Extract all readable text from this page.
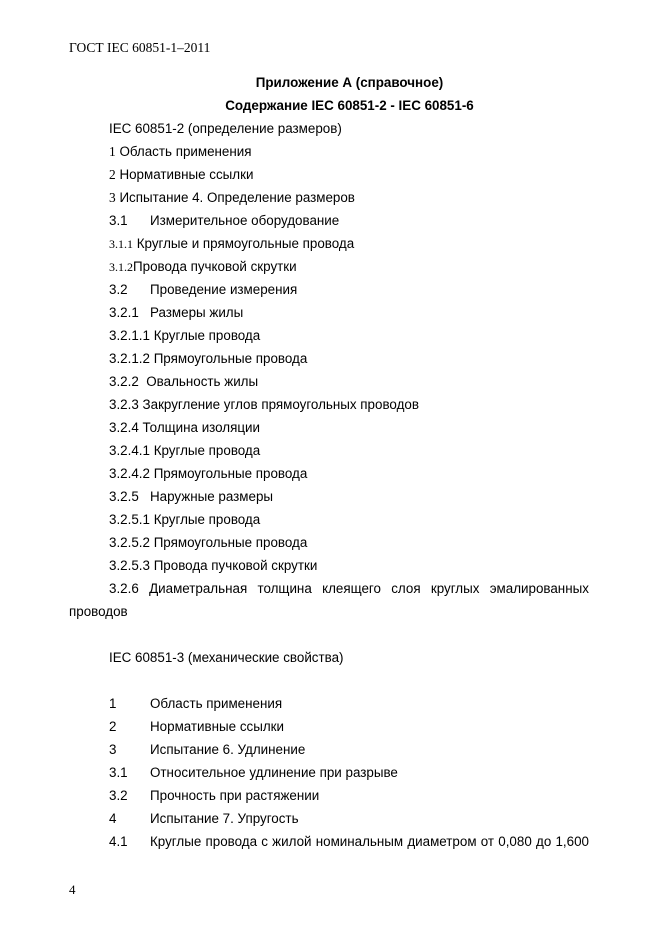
ГОСТ IEC 60851-1–2011
Приложение А (справочное)
Содержание IEC 60851-2 - IEC 60851-6
IEC 60851-2 (определение размеров)
1 Область применения
2 Нормативные ссылки
3 Испытание 4. Определение размеров
3.1 Измерительное оборудование
3.1.1 Круглые и прямоугольные провода
3.1.2Провода пучковой скрутки
3.2 Проведение измерения
3.2.1 Размеры жилы
3.2.1.1 Круглые провода
3.2.1.2 Прямоугольные провода
3.2.2 Овальность жилы
3.2.3 Закругление углов прямоугольных проводов
3.2.4 Толщина изоляции
3.2.4.1 Круглые провода
3.2.4.2 Прямоугольные провода
3.2.5 Наружные размеры
3.2.5.1 Круглые провода
3.2.5.2 Прямоугольные провода
3.2.5.3 Провода пучковой скрутки
3.2.6 Диаметральная толщина клеящего слоя круглых эмалированных
проводов
IEC 60851-3 (механические свойства)
1	Область применения
2	Нормативные ссылки
3	Испытание 6. Удлинение
3.1 Относительное удлинение при разрыве
3.2 Прочность при растяжении
4	Испытание 7. Упругость
4.1 Круглые провода с жилой номинальным диаметром от 0,080 до 1,600
4
